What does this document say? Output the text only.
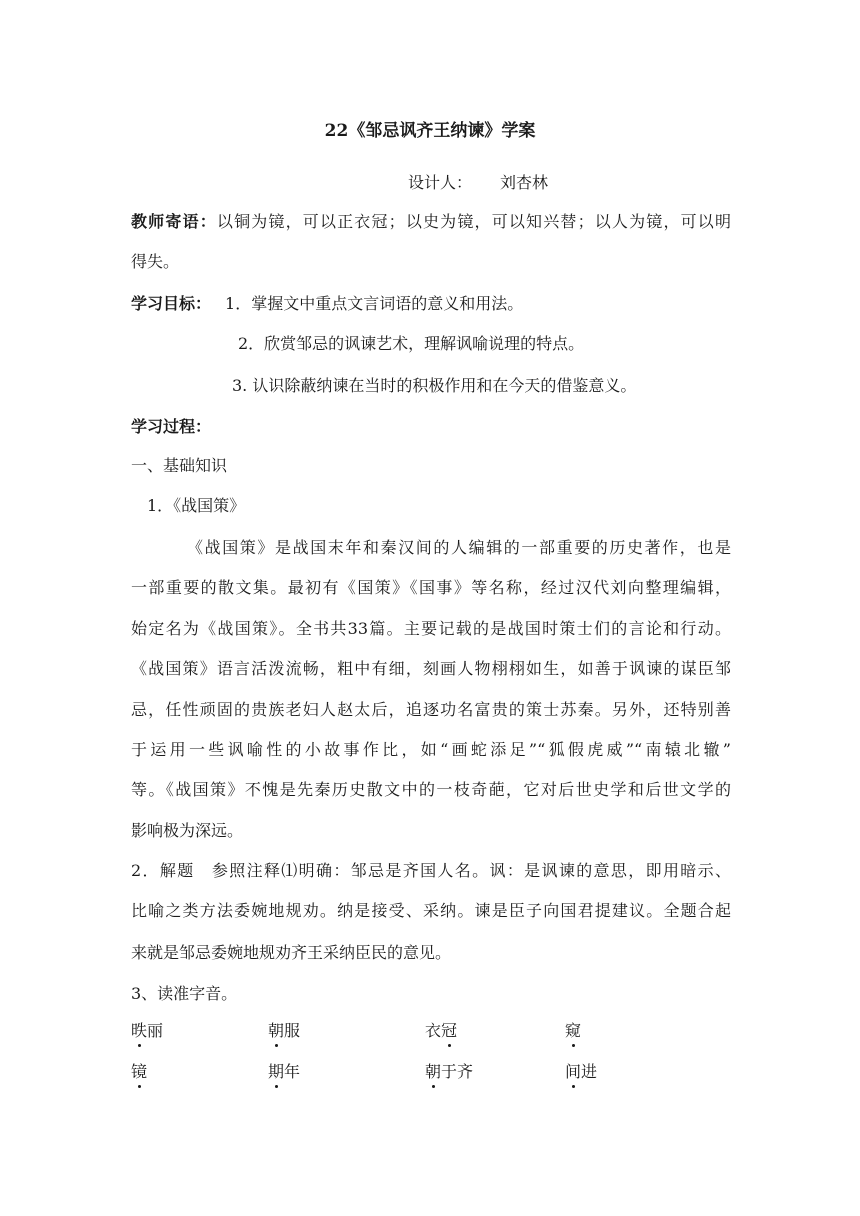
22《邹忌讽齐王纳谏》学案
设计人： 刘杏林
教师寄语：以铜为镜，可以正衣冠；以史为镜，可以知兴替；以人为镜，可以明
得失。
学习目标： 1．掌握文中重点文言词语的意义和用法。
2．欣赏邹忌的讽谏艺术，理解讽喻说理的特点。
3. 认识除蔽纳谏在当时的积极作用和在今天的借鉴意义。
学习过程：
一、基础知识
1．《战国策》
《战国策》是战国末年和秦汉间的人编辑的一部重要的历史著作，也是
一部重要的散文集。最初有《国策》《国事》等名称，经过汉代刘向整理编辑，
始定名为《战国策》。全书共33篇。主要记载的是战国时策士们的言论和行动。
《战国策》语言活泼流畅，粗中有细，刻画人物栩栩如生，如善于讽谏的谋臣邹
忌，任性顽固的贵族老妇人赵太后，追逐功名富贵的策士苏秦。另外，还特别善
于运用一些讽喻性的小故事作比，如“画蛇添足”“狐假虎威”“南辕北辙”
等。《战国策》不愧是先秦历史散文中的一枝奇葩，它对后世史学和后世文学的
影响极为深远。
2．解题　参照注释⑴明确：邹忌是齐国人名。讽：是讽谏的意思，即用暗示、
比喻之类方法委婉地规劝。纳是接受、采纳。谏是臣子向国君提建议。全题合起
来就是邹忌委婉地规劝齐王采纳臣民的意见。
3、读准字音。
昳丽	朝服	衣冠	窥
镜	期年	朝于齐	间进
